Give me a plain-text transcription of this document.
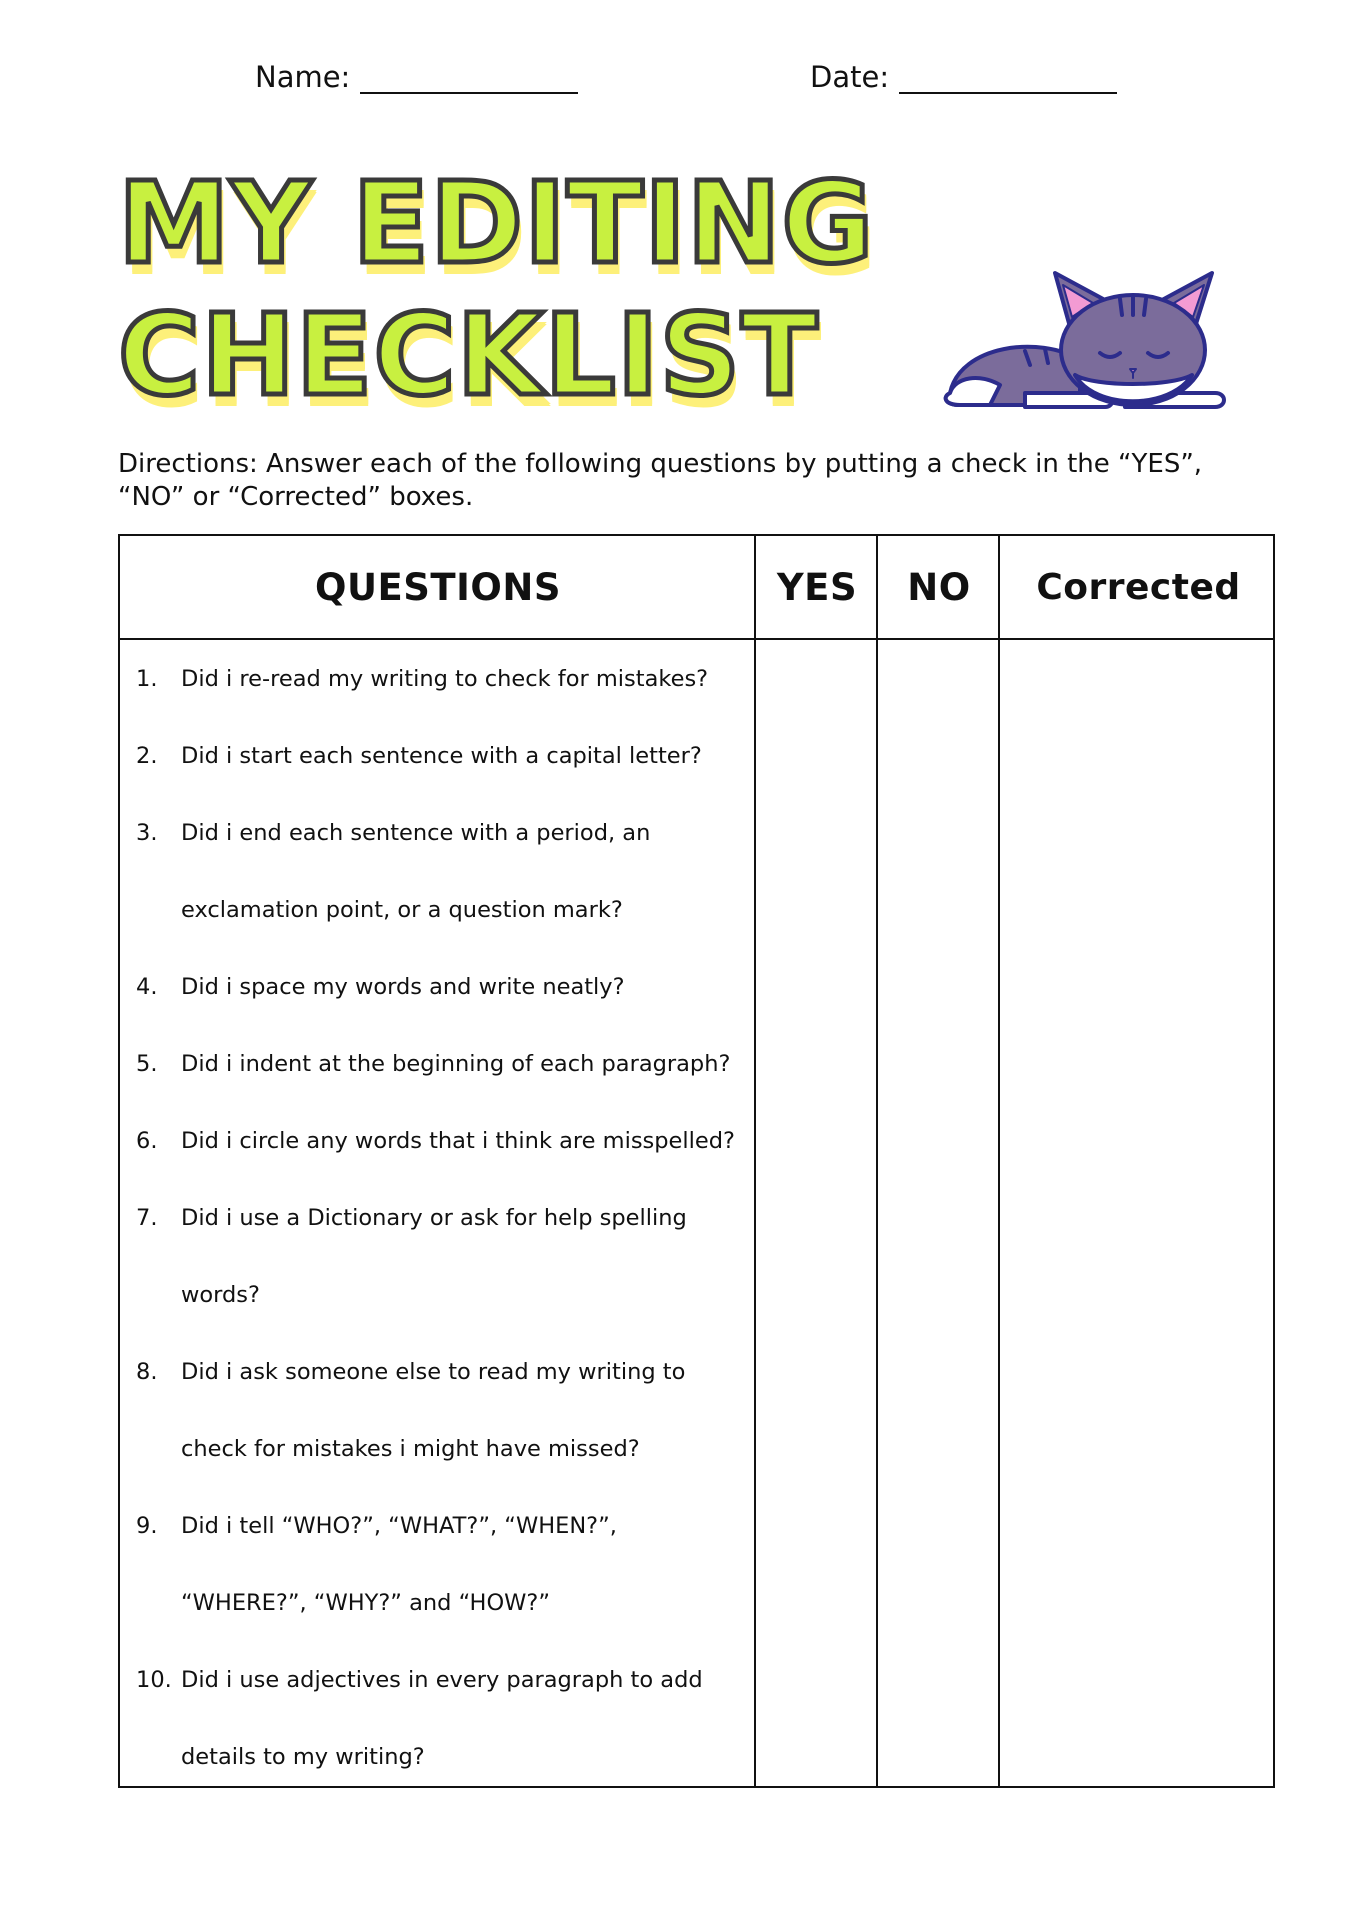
Name:	Date:
MY EDITING
CHECKLIST
Directions: Answer each of the following questions by putting a check in the “YES”, “NO” or “Corrected” boxes.
QUESTIONS	YES	NO	Corrected
1.	Did i re-read my writing to check for mistakes?
2.	Did i start each sentence with a capital letter?
3.	Did i end each sentence with a period, an
exclamation point, or a question mark?
4.	Did i space my words and write neatly?
5.	Did i indent at the beginning of each paragraph?
6.	Did i circle any words that i think are misspelled?
7.	Did i use a Dictionary or ask for help spelling
words?
8.	Did i ask someone else to read my writing to
check for mistakes i might have missed?
9.	Did i tell “WHO?”, “WHAT?”, “WHEN?”,
“WHERE?”, “WHY?” and “HOW?”
10. Did i use adjectives in every paragraph to add
details to my writing?
